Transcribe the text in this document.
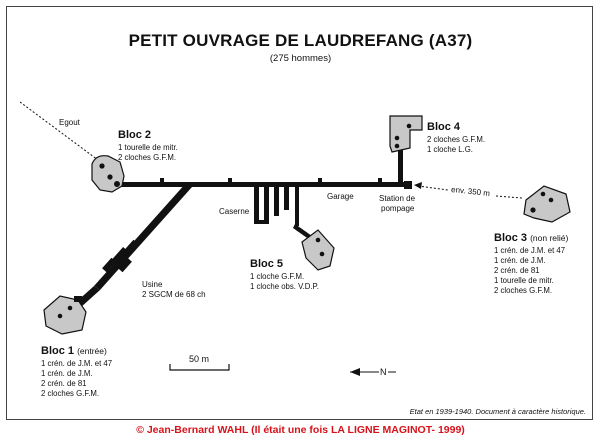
PETIT OUVRAGE DE LAUDREFANG (A37)
(275 hommes)
Egout
Caserne
Garage	Station de
pompage
env. 350 m
Usine
2 SGCM de 68 ch
50 m
N
Bloc 2
1 tourelle de mitr.
2 cloches G.F.M.
Bloc 4
2 cloches G.F.M.
1 cloche L.G.
Bloc 5
1 cloche G.F.M.
1 cloche obs. V.D.P.
Bloc 3 (non relié)
1 crén. de J.M. et 47
1 crén. de J.M.
2 crén. de 81
1 tourelle de mitr.
2 cloches G.F.M.
Bloc 1 (entrée)
1 crén. de J.M. et 47
1 crén. de J.M.
2 crén. de 81
2 cloches G.F.M.
Etat en 1939-1940. Document à caractère historique.
© Jean-Bernard WAHL (Il était une fois LA LIGNE MAGINOT- 1999)
